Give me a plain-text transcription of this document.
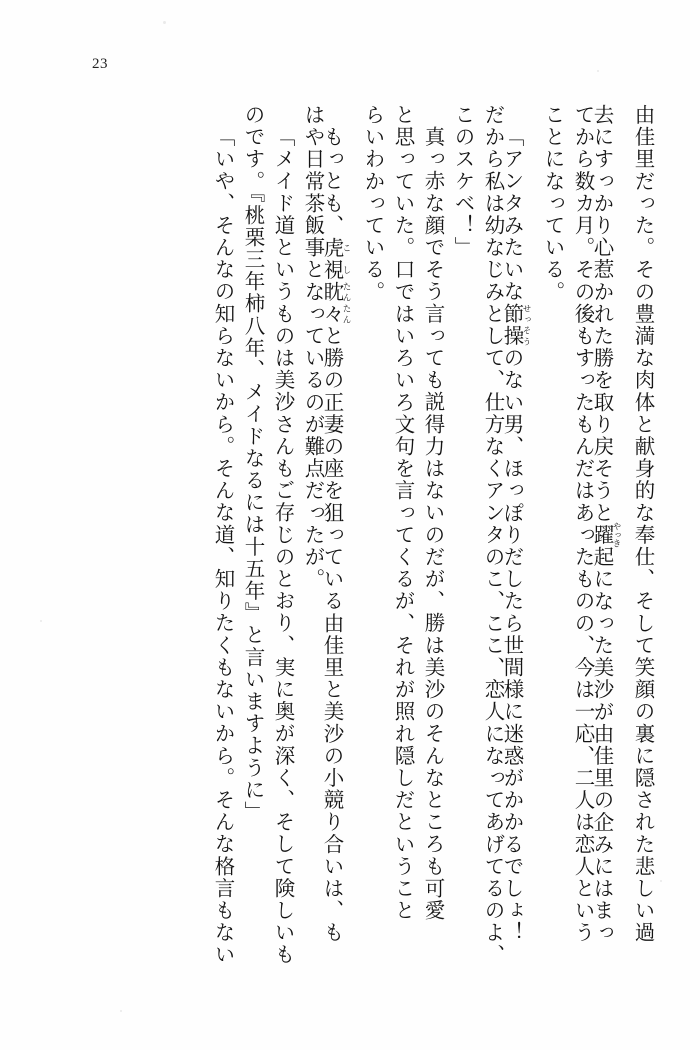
23
由佳里だった。その豊満な肉体と献身的な奉仕、そして笑顔の裏に隠された悲しい過
去にすっかり心惹かれた勝を取り戻そうと躍 やっき起になった美沙が由佳里の企みにはまっ
てから数カ月。その後もすったもんだはあったものの、今は一応、二人は恋人という
ことになっている。
「アンタみたいな節操 せっそうのない男、ほっぽりだしたら世間様に迷惑がかかるでしょ！
だから私は幼なじみとして、仕方なくアンタのこ、ここ、恋人になってあげてるのよ、
このスケベ！」
真っ赤な顔でそう言っても説得力はないのだが、勝は美沙のそんなところも可愛
と思っていた。口ではいろいろ文句を言ってくるが、それが照れ隠しだということ
らいわかっている。
もっとも、虎 こ視 し眈々 たんたんと勝の正妻の座を狙っている由佳里と美沙の小競り合いは、も
はや日常茶飯事となっているのが難点だったが。
「メイド道というものは美沙さんもご存じのとおり、実に奥が深く、そして険しいも
のです。『桃栗三年柿八年、メイドなるには十五年』と言いますように」
「いや、そんなの知らないから。そんな道、知りたくもないから。そんな格言もない
